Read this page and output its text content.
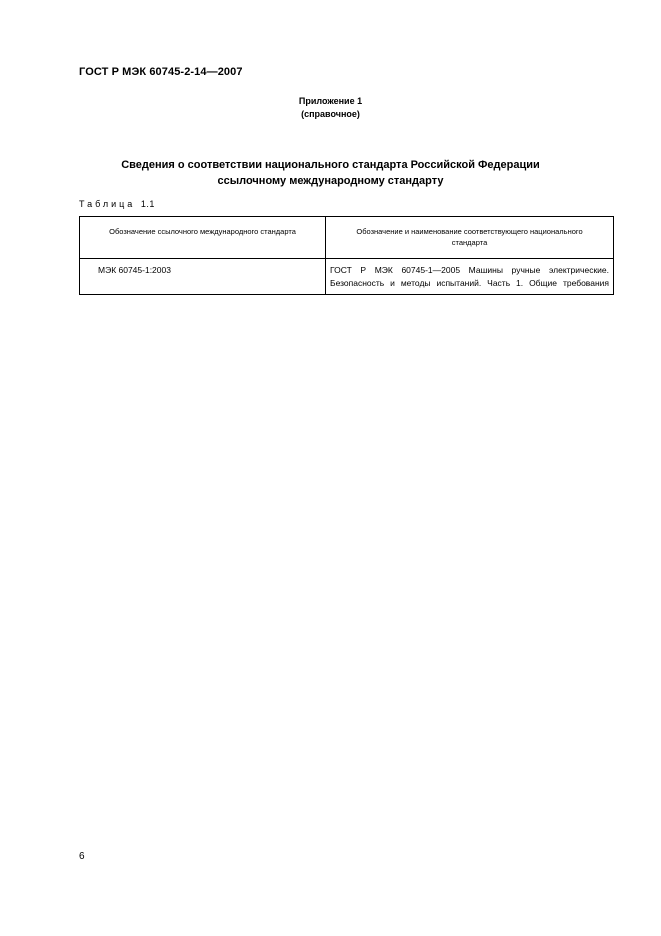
ГОСТ Р МЭК 60745-2-14—2007
Приложение 1
(справочное)
Сведения о соответствии национального стандарта Российской Федерации
ссылочному международному стандарту
Таблица 1.1
Обозначение ссылочного международного стандарта	Обозначение и наименование соответствующего национального стандарта
МЭК 60745-1:2003	ГОСТ Р МЭК 60745-1—2005 Машины ручные электрические.
Безопасность и методы испытаний. Часть 1. Общие требования
6
